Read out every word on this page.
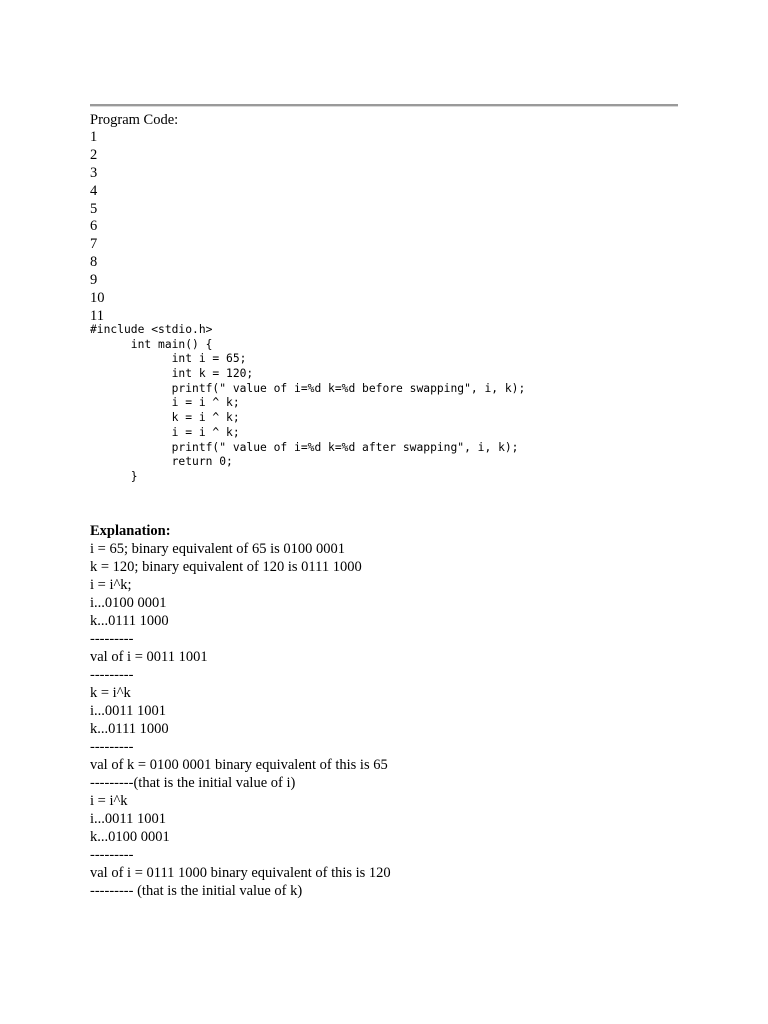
Program Code:
1
2
3
4
5
6
7
8
9
10
11
#include <stdio.h>
int main() {
int i = 65;
int k = 120;
printf(" value of i=%d k=%d before swapping", i, k);
i = i ^ k;
k = i ^ k;
i = i ^ k;
printf(" value of i=%d k=%d after swapping", i, k);
return 0;
}
Explanation:
i = 65; binary equivalent of 65 is 0100 0001
k = 120; binary equivalent of 120 is 0111 1000
i = i^k;
i...0100 0001
k...0111 1000
---------
val of i = 0011 1001
---------
k = i^k
i...0011 1001
k...0111 1000
---------
val of k = 0100 0001 binary equivalent of this is 65
---------(that is the initial value of i)
i = i^k
i...0011 1001
k...0100 0001
---------
val of i = 0111 1000 binary equivalent of this is 120
--------- (that is the initial value of k)
